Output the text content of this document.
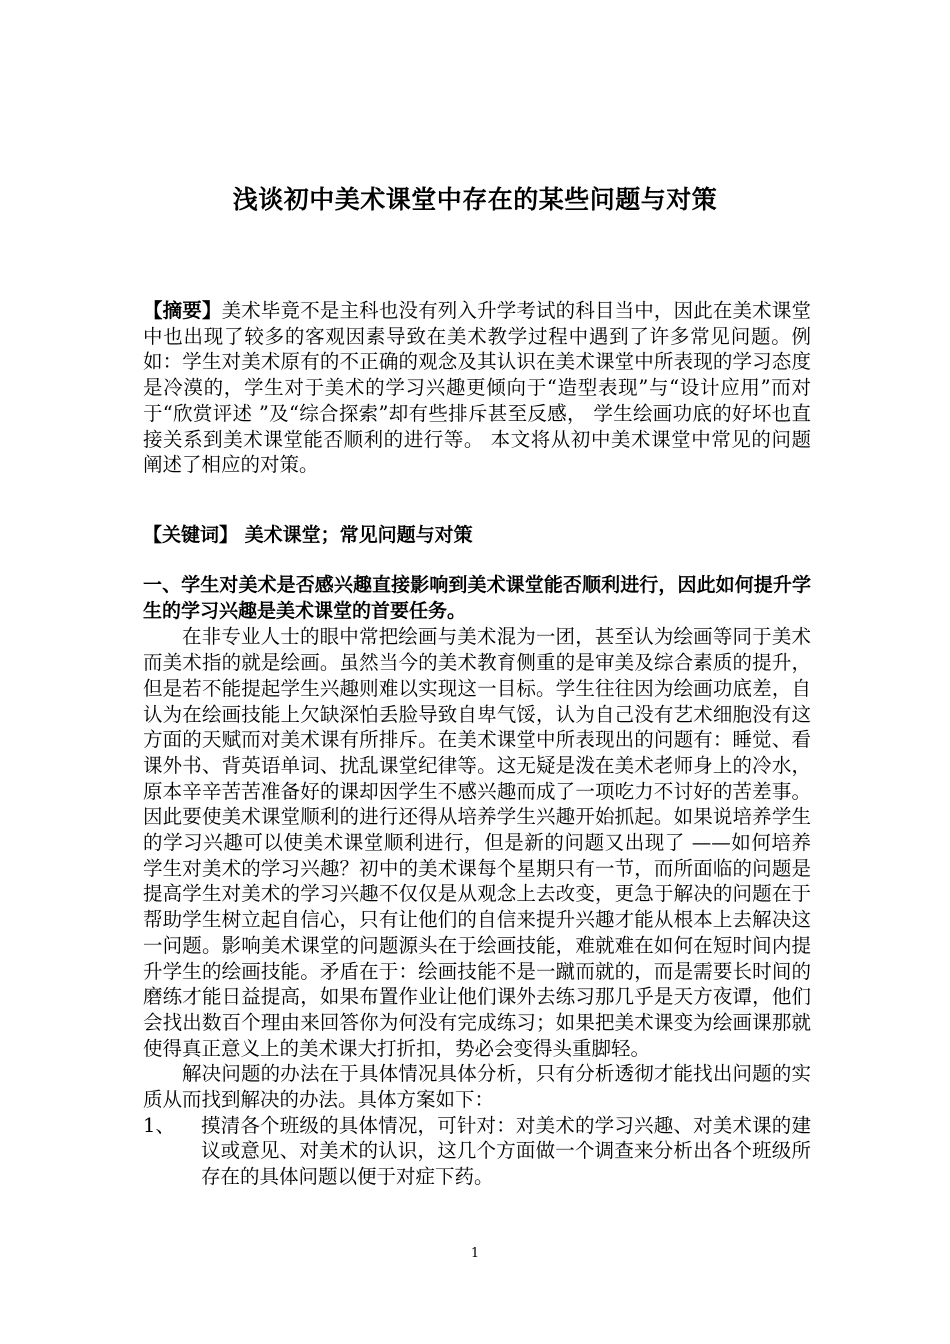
浅谈初中美术课堂中存在的某些问题与对策
【摘要】美术毕竟不是主科也没有列入升学考试的科目当中，因此在美术课堂中也出现了较多的客观因素导致在美术教学过程中遇到了许多常见问题。例如：学生对美术原有的不正确的观念及其认识在美术课堂中所表现的学习态度是冷漠的，学生对于美术的学习兴趣更倾向于“造型表现”与“设计应用”而对于“欣赏评述 ”及“综合探索”却有些排斥甚至反感， 学生绘画功底的好坏也直接关系到美术课堂能否顺利的进行等。 本文将从初中美术课堂中常见的问题阐述了相应的对策。
【关键词】 美术课堂；常见问题与对策

一、学生对美术是否感兴趣直接影响到美术课堂能否顺利进行，因此如何提升学生的学习兴趣是美术课堂的首要任务。

在非专业人士的眼中常把绘画与美术混为一团，甚至认为绘画等同于美术而美术指的就是绘画。虽然当今的美术教育侧重的是审美及综合素质的提升，但是若不能提起学生兴趣则难以实现这一目标。学生往往因为绘画功底差，自认为在绘画技能上欠缺深怕丢脸导致自卑气馁，认为自己没有艺术细胞没有这方面的天赋而对美术课有所排斥。在美术课堂中所表现出的问题有：睡觉、看课外书、背英语单词、扰乱课堂纪律等。这无疑是泼在美术老师身上的冷水，原本辛辛苦苦准备好的课却因学生不感兴趣而成了一项吃力不讨好的苦差事。因此要使美术课堂顺利的进行还得从培养学生兴趣开始抓起。如果说培养学生的学习兴趣可以使美术课堂顺利进行，但是新的问题又出现了 ——如何培养学生对美术的学习兴趣？初中的美术课每个星期只有一节，而所面临的问题是提高学生对美术的学习兴趣不仅仅是从观念上去改变，更急于解决的问题在于帮助学生树立起自信心，只有让他们的自信来提升兴趣才能从根本上去解决这一问题。影响美术课堂的问题源头在于绘画技能，难就难在如何在短时间内提升学生的绘画技能。矛盾在于：绘画技能不是一蹴而就的，而是需要长时间的磨练才能日益提高，如果布置作业让他们课外去练习那几乎是天方夜谭，他们会找出数百个理由来回答你为何没有完成练习；如果把美术课变为绘画课那就使得真正意义上的美术课大打折扣，势必会变得头重脚轻。

解决问题的办法在于具体情况具体分析，只有分析透彻才能找出问题的实质从而找到解决的办法。具体方案如下：

1、	摸清各个班级的具体情况，可针对：对美术的学习兴趣、对美术课的建议或意见、对美术的认识，这几个方面做一个调查来分析出各个班级所存在的具体问题以便于对症下药。
1
